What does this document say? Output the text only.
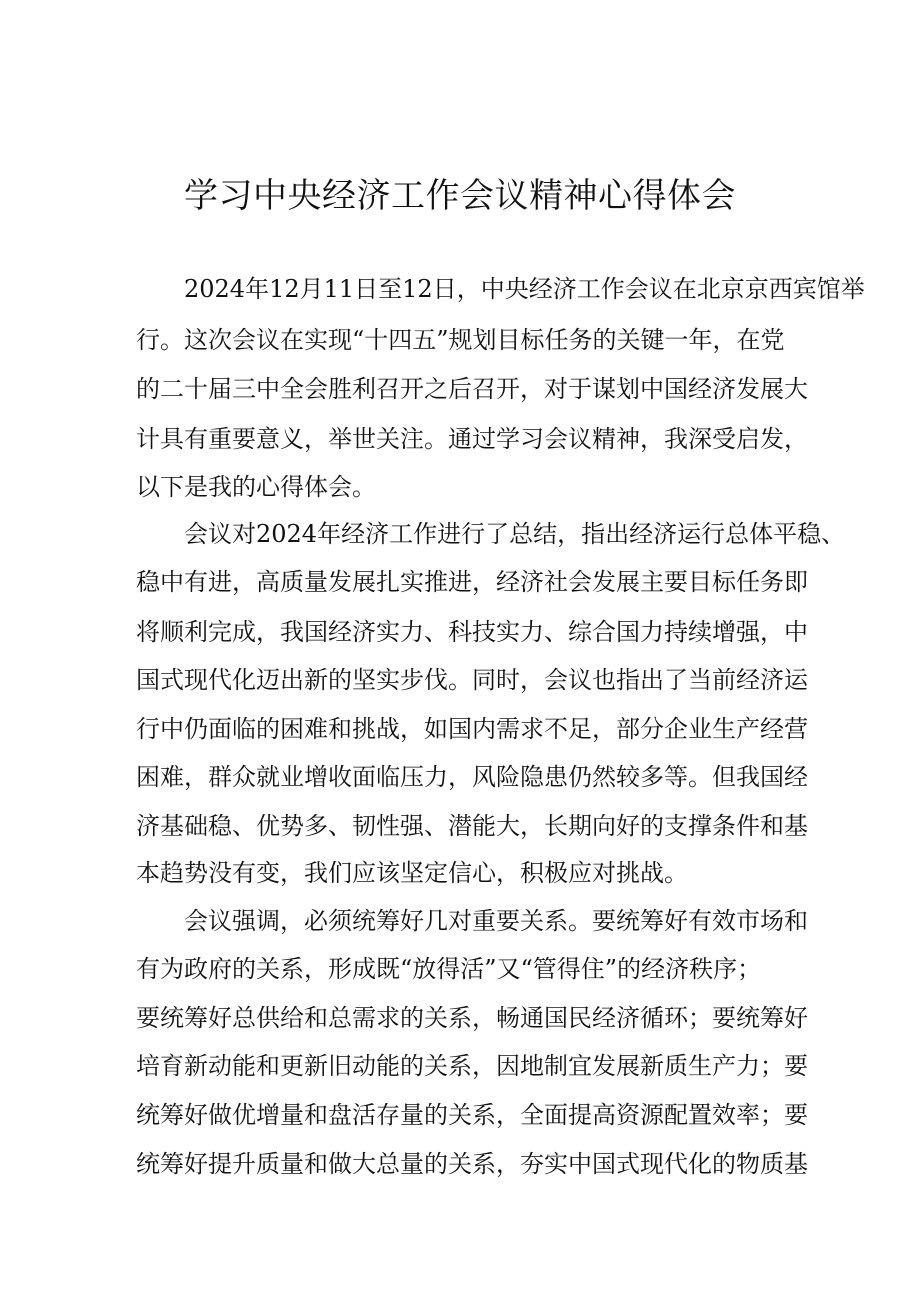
学习中央经济工作会议精神心得体会

2024年12月11日至12日，中央经济工作会议在北京京西宾馆举

行。这次会议在实现“十四五”规划目标任务的关键一年，在党

的二十届三中全会胜利召开之后召开，对于谋划中国经济发展大

计具有重要意义，举世关注。通过学习会议精神，我深受启发，

以下是我的心得体会。

会议对2024年经济工作进行了总结，指出经济运行总体平稳、

稳中有进，高质量发展扎实推进，经济社会发展主要目标任务即

将顺利完成，我国经济实力、科技实力、综合国力持续增强，中

国式现代化迈出新的坚实步伐。同时，会议也指出了当前经济运

行中仍面临的困难和挑战，如国内需求不足，部分企业生产经营

困难，群众就业增收面临压力，风险隐患仍然较多等。但我国经

济基础稳、优势多、韧性强、潜能大，长期向好的支撑条件和基

本趋势没有变，我们应该坚定信心，积极应对挑战。

会议强调，必须统筹好几对重要关系。要统筹好有效市场和

有为政府的关系，形成既“放得活”又“管得住”的经济秩序；

要统筹好总供给和总需求的关系，畅通国民经济循环；要统筹好

培育新动能和更新旧动能的关系，因地制宜发展新质生产力；要

统筹好做优增量和盘活存量的关系，全面提高资源配置效率；要

统筹好提升质量和做大总量的关系，夯实中国式现代化的物质基
